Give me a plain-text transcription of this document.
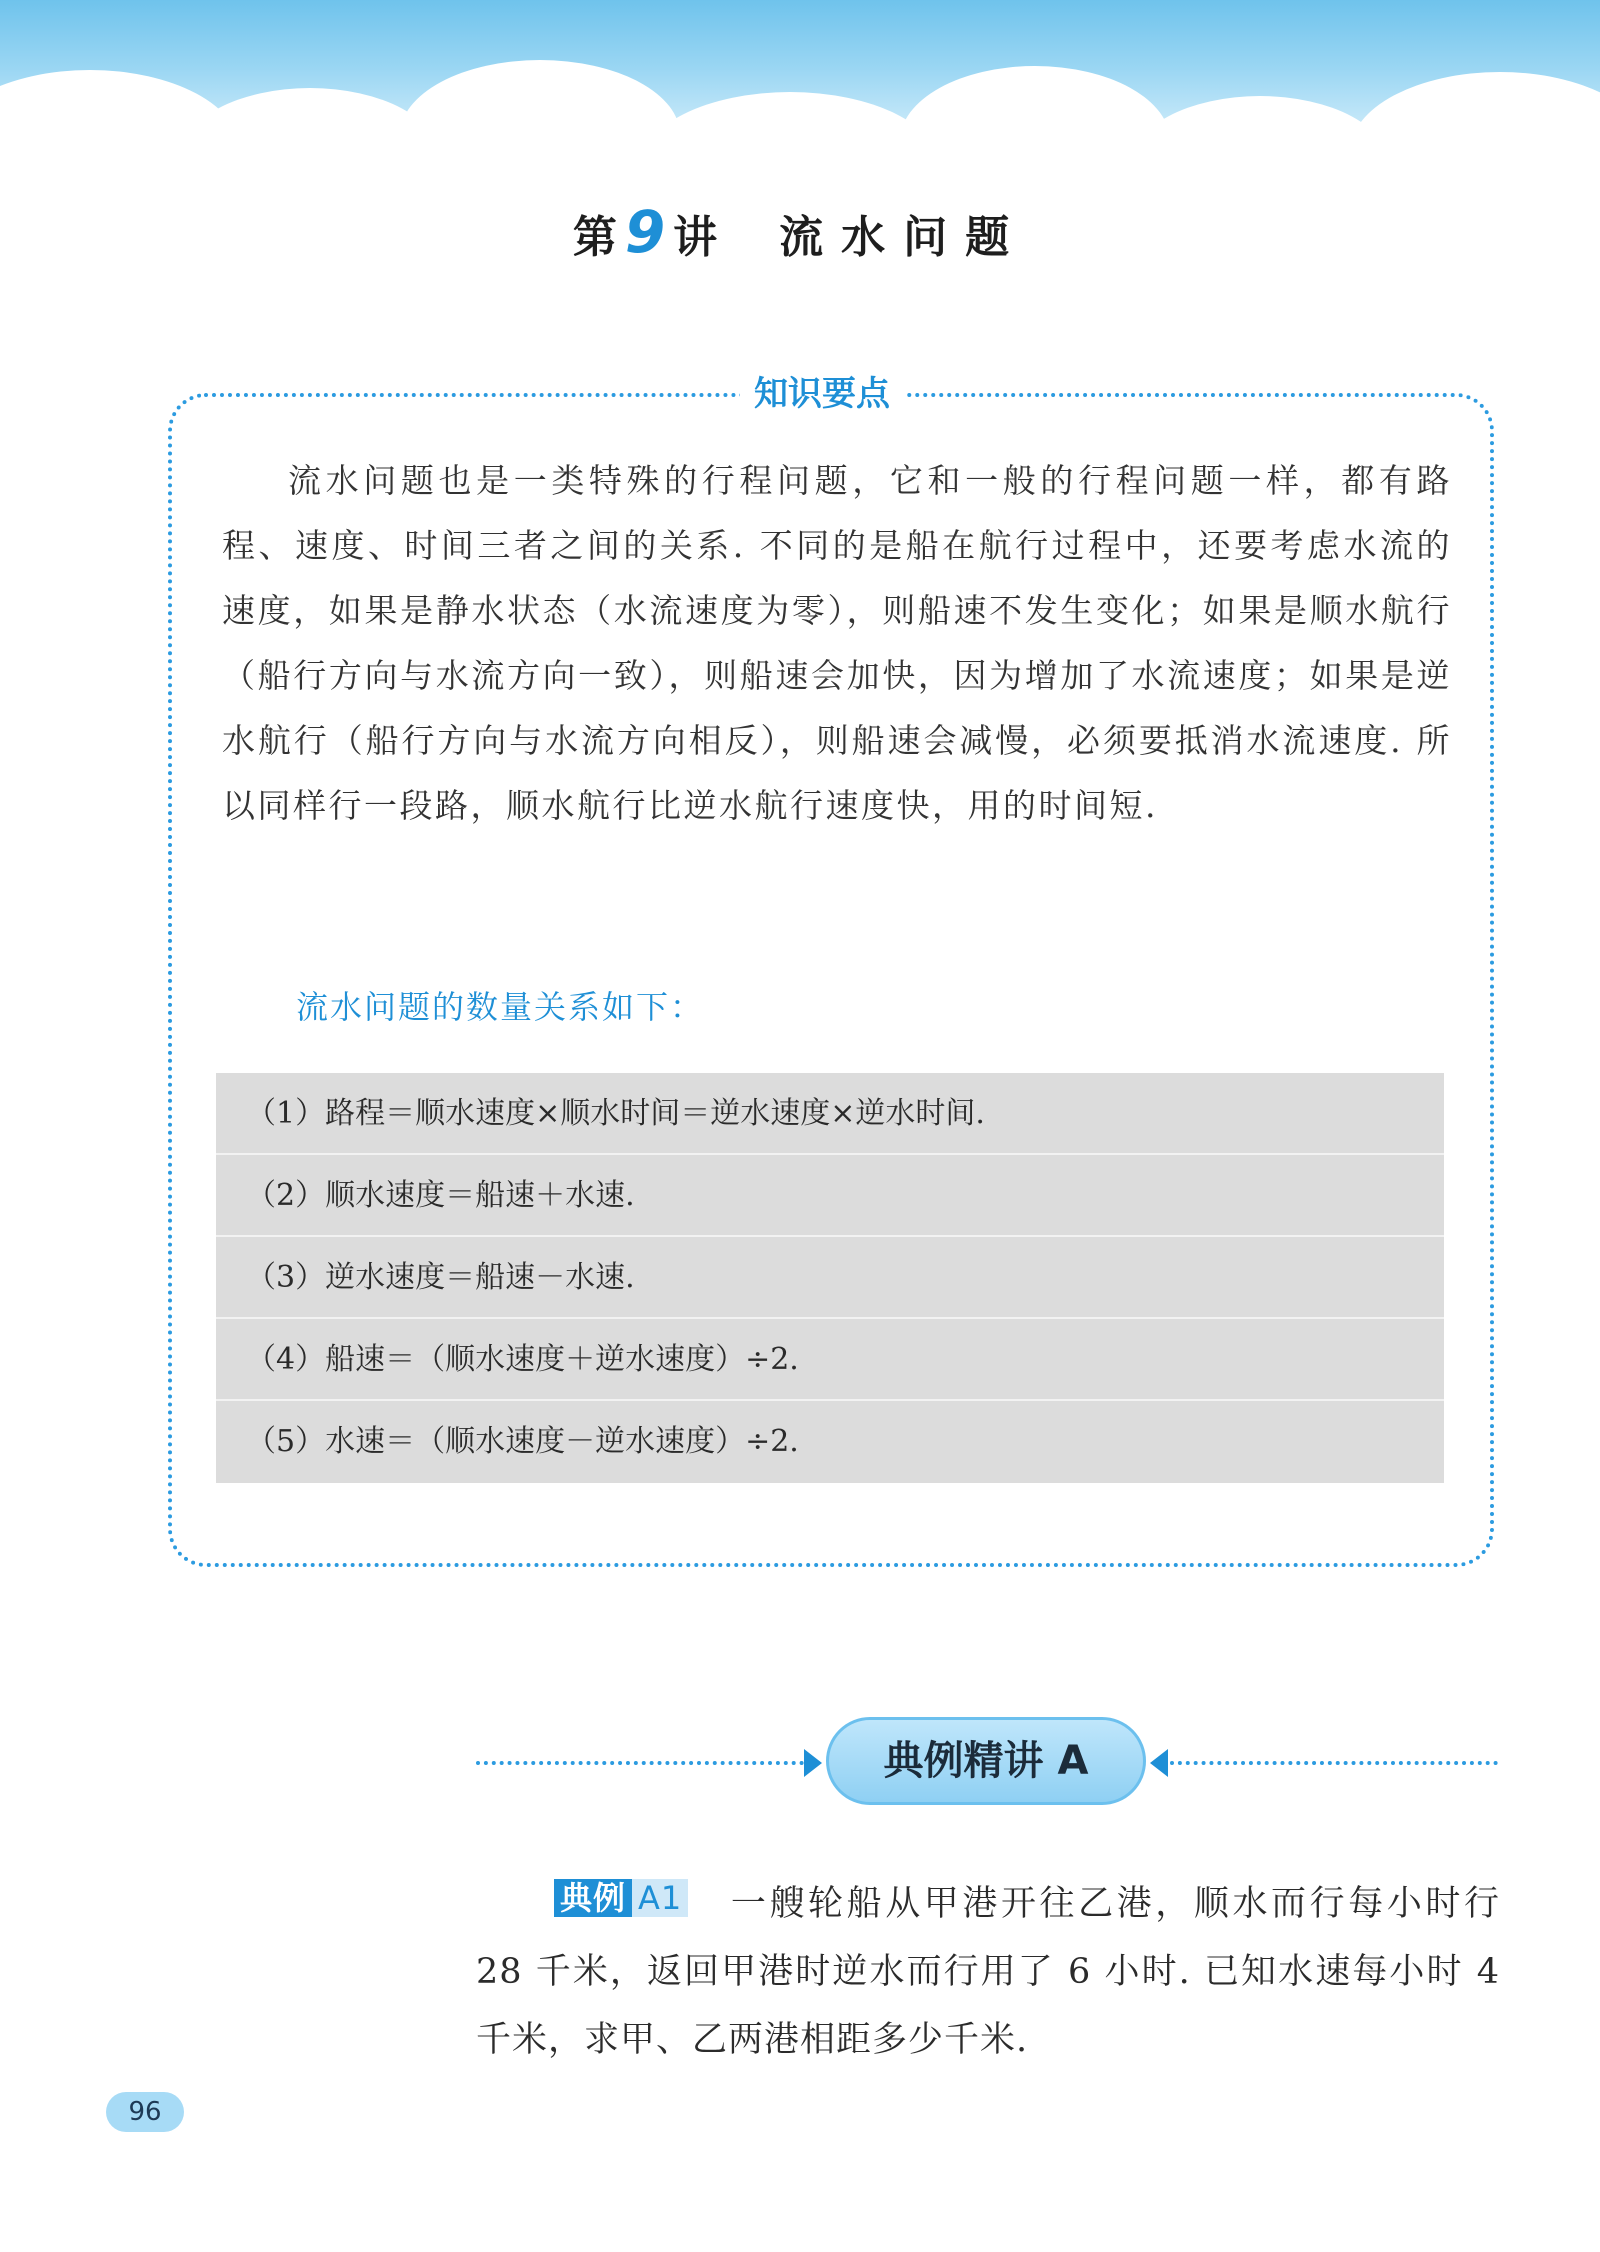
第 9 讲 流水问题
知识要点
流水问题也是一类特殊的行程问题，它和一般的行程问题一样，都有路程、速度、时间三者之间的关系. 不同的是船在航行过程中，还要考虑水流的速度，如果是静水状态（水流速度为零），则船速不发生变化；如果是顺水航行（船行方向与水流方向一致），则船速会加快，因为增加了水流速度；如果是逆水航行（船行方向与水流方向相反），则船速会减慢，必须要抵消水流速度. 所以同样行一段路，顺水航行比逆水航行速度快，用的时间短.
流水问题的数量关系如下：
（1）路程＝顺水速度×顺水时间＝逆水速度×逆水时间.
（2）顺水速度＝船速＋水速.
（3）逆水速度＝船速－水速.
（4）船速＝（顺水速度＋逆水速度）÷2.
（5）水速＝（顺水速度－逆水速度）÷2.
典例精讲 A
典例 A1 一艘轮船从甲港开往乙港，顺水而行每小时行 28 千米，返回甲港时逆水而行用了 6 小时. 已知水速每小时 4 千米，求甲、乙两港相距多少千米.
96
